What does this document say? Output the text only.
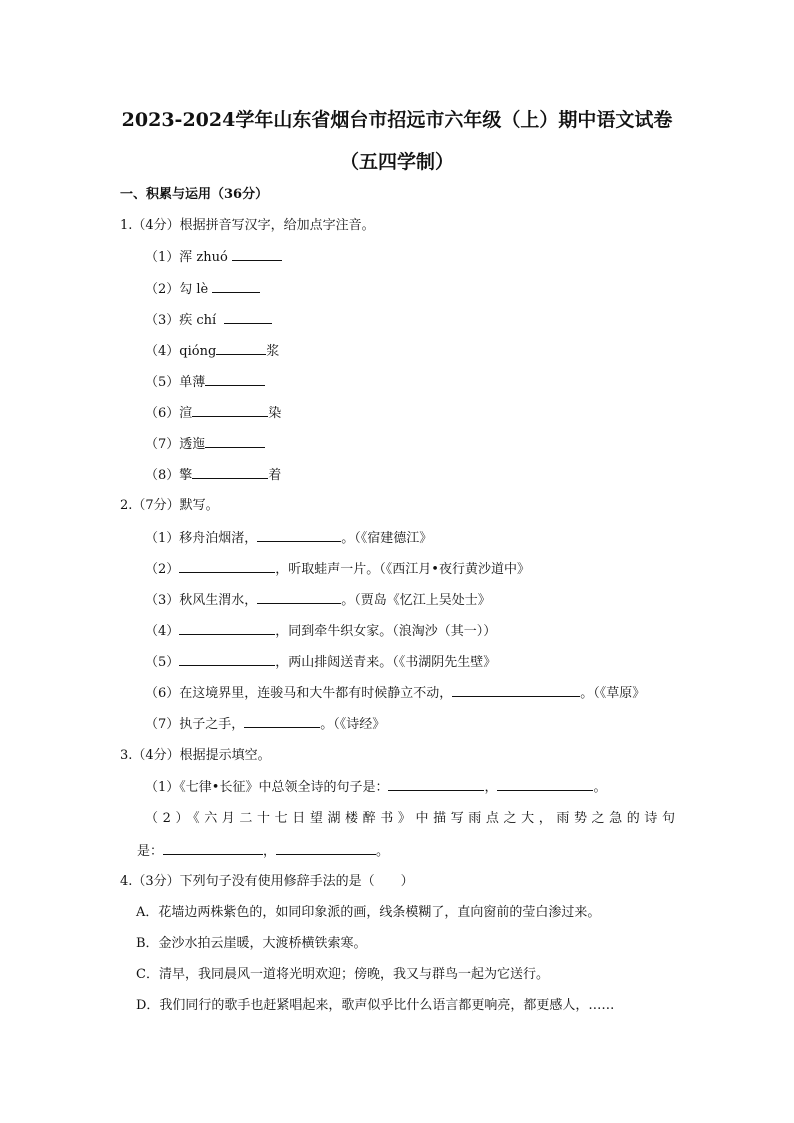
2023-2024学年山东省烟台市招远市六年级（上）期中语文试卷
（五四学制）
一、积累与运用（36分）
1.（4分）根据拼音写汉字，给加点字注音。
（1）浑 zhuó
（2）勾 lè
（3）疾 chí
（4）qióng	浆
（5）单薄
（6）渲	染
（7）透迤
（8）擎	着
2.（7分）默写。
（1）移舟泊烟渚，	。（《宿建德江》
（2）	，听取蛙声一片。（《西江月•夜行黄沙道中》
（3）秋风生渭水，	。（贾岛《忆江上吴处士》
（4）	，同到牵牛织女家。（浪淘沙（其一））
（5）	，两山排闼送青来。（《书湖阴先生壁》
（6）在这境界里，连骏马和大牛都有时候静立不动，	。（《草原》
（7）执子之手，	。（《诗经》
3.（4分）根据提示填空。
（1）《七律•长征》中总领全诗的句子是：	，	。
（2）《六月二十七日望湖楼醉书》中描写雨点之大，雨势之急的诗句
是：	，	。
4.（3分）下列句子没有使用修辞手法的是（　　）
A．花墙边两株紫色的，如同印象派的画，线条模糊了，直向窗前的莹白渗过来。
B．金沙水拍云崖暖，大渡桥横铁索寒。
C．清早，我同晨风一道将光明欢迎；傍晚，我又与群鸟一起为它送行。
D．我们同行的歌手也赶紧唱起来，歌声似乎比什么语言都更响亮，都更感人，……
